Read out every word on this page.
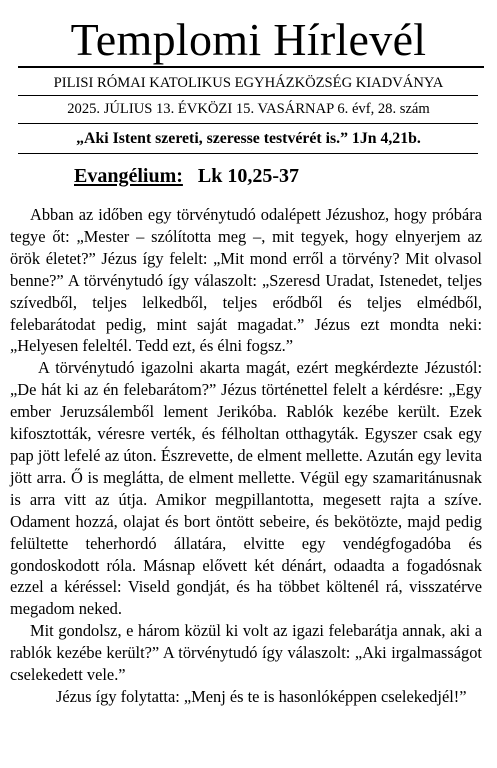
Templomi Hírlevél
PILISI RÓMAI KATOLIKUS EGYHÁZKÖZSÉG KIADVÁNYA
2025. JÚLIUS 13. ÉVKÖZI 15. VASÁRNAP 6. évf, 28. szám
„Aki Istent szereti, szeresse testvérét is.” 1Jn 4,21b.
Evangélium: Lk 10,25-37

Abban az időben egy törvénytudó odalépett Jézushoz, hogy próbára tegye őt: „Mester – szólította meg –, mit tegyek, hogy elnyerjem az örök életet?” Jézus így felelt: „Mit mond erről a törvény? Mit olvasol benne?” A törvénytudó így válaszolt: „Szeresd Uradat, Istenedet, teljes szívedből, teljes lelkedből, teljes erődből és teljes elmédből, felebarátodat pedig, mint saját magadat.” Jézus ezt mondta neki: „Helyesen feleltél. Tedd ezt, és élni fogsz.”

A törvénytudó igazolni akarta magát, ezért megkérdezte Jézustól: „De hát ki az én felebarátom?” Jézus történettel felelt a kérdésre: „Egy ember Jeruzsálemből lement Jerikóba. Rablók kezébe került. Ezek kifosztották, véresre verték, és félholtan otthagyták. Egyszer csak egy pap jött lefelé az úton. Észrevette, de elment mellette. Azután egy levita jött arra. Ő is meglátta, de elment mellette. Végül egy szamaritánusnak is arra vitt az útja. Amikor megpillantotta, megesett rajta a szíve. Odament hozzá, olajat és bort öntött sebeire, és bekötözte, majd pedig felültette teherhordó állatára, elvitte egy vendégfogadóba és gondoskodott róla. Másnap elővett két dénárt, odaadta a fogadósnak ezzel a kéréssel: Viseld gondját, és ha többet költenél rá, visszatérve megadom neked.

Mit gondolsz, e három közül ki volt az igazi felebarátja annak, aki a rablók kezébe került?” A törvénytudó így válaszolt: „Aki irgalmasságot cselekedett vele.”

Jézus így folytatta: „Menj és te is hasonlóképpen cselekedjél!”
